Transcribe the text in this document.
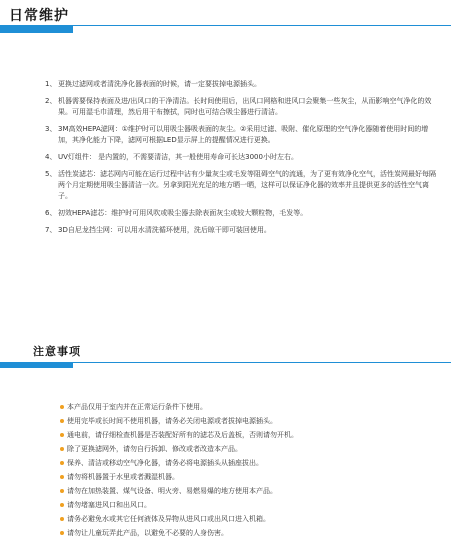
日常维护
1、 更换过滤网或者清洗净化器表面的时候，请一定要拔掉电源插头。
2、 机器需要保持表面及进/出风口的干净清洁。长时间使用后，出风口网格和进风口会聚集一些灰尘，从而影响空气净化的效果。可用湿毛巾清理，然后用干布擦拭，同时也可结合吸尘器进行清洁。
3、 3M高效HEPA滤网：①维护时可以用吸尘器吸表面的灰尘。②采用过滤、吸附、催化原理的空气净化器随着使用时间的增加，其净化能力下降，滤网可根据LED显示屏上的提醒情况进行更换。
4、 UV灯组件： 是内置的，不需要清洁，其一般使用寿命可长达3000小时左右。
5、 活性炭滤芯：滤芯网内可能在运行过程中沾有少量灰尘或毛发等阻碍空气的流通，为了更有效净化空气，活性炭网最好每隔两个月定期使用吸尘器清洁一次。另拿到阳光充足的地方晒一晒，这样可以保证净化器的效率并且提供更多的活性空气离子。
6、 初效HEPA滤芯：维护时可用风吹或吸尘器去除表面灰尘或较大颗粒物，毛发等。
7、 3D自尼龙挡尘网：可以用水清洗循环使用，洗后晾干即可装回使用。
注意事项
本产品仅用于室内并在正常运行条件下使用。
使用完毕或长时间不使用机器，请务必关闭电源或者拔掉电源插头。
通电前，请仔细检查机器是否装配好所有的滤芯及后盖板，否则请勿开机。
除了更换滤网外，请勿自行拆卸、修改或者改造本产品。
保养、清洁或移动空气净化器，请务必将电源插头从插座拔出。
请勿将机器置于水里或者溅湿机器。
请勿在加热装置、煤气设备、明火旁、易燃易爆的地方使用本产品。
请勿堵塞进风口和出风口。
请务必避免水或其它任何液体及异物从进风口或出风口进入机箱。
请勿让儿童玩弄此产品，以避免不必要的人身伤害。
